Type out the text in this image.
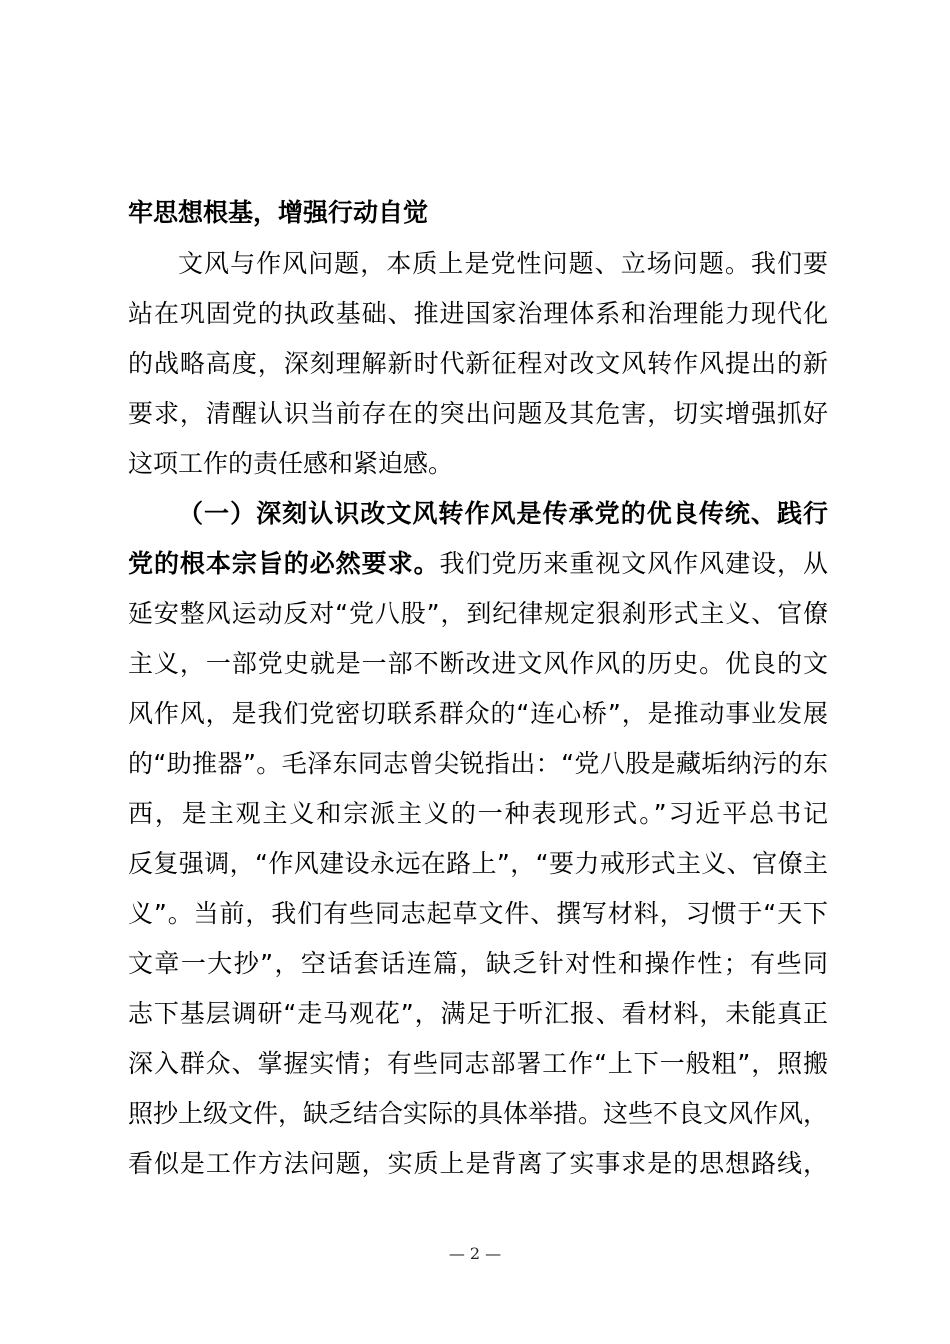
牢思想根基，增强行动自觉
文风与作风问题，本质上是党性问题、立场问题。我们要
站在巩固党的执政基础、推进国家治理体系和治理能力现代化
的战略高度，深刻理解新时代新征程对改文风转作风提出的新
要求，清醒认识当前存在的突出问题及其危害，切实增强抓好
这项工作的责任感和紧迫感。
（一）深刻认识改文风转作风是传承党的优良传统、践行
党的根本宗旨的必然要求。我们党历来重视文风作风建设，从
延安整风运动反对“党八股”，到纪律规定狠刹形式主义、官僚
主义，一部党史就是一部不断改进文风作风的历史。优良的文
风作风，是我们党密切联系群众的“连心桥”，是推动事业发展
的“助推器”。毛泽东同志曾尖锐指出：“党八股是藏垢纳污的东
西，是主观主义和宗派主义的一种表现形式。”习近平总书记
反复强调，“作风建设永远在路上”，“要力戒形式主义、官僚主
义”。当前，我们有些同志起草文件、撰写材料，习惯于“天下
文章一大抄”，空话套话连篇，缺乏针对性和操作性；有些同
志下基层调研“走马观花”，满足于听汇报、看材料，未能真正
深入群众、掌握实情；有些同志部署工作“上下一般粗”，照搬
照抄上级文件，缺乏结合实际的具体举措。这些不良文风作风，
看似是工作方法问题，实质上是背离了实事求是的思想路线，
— 2 —
